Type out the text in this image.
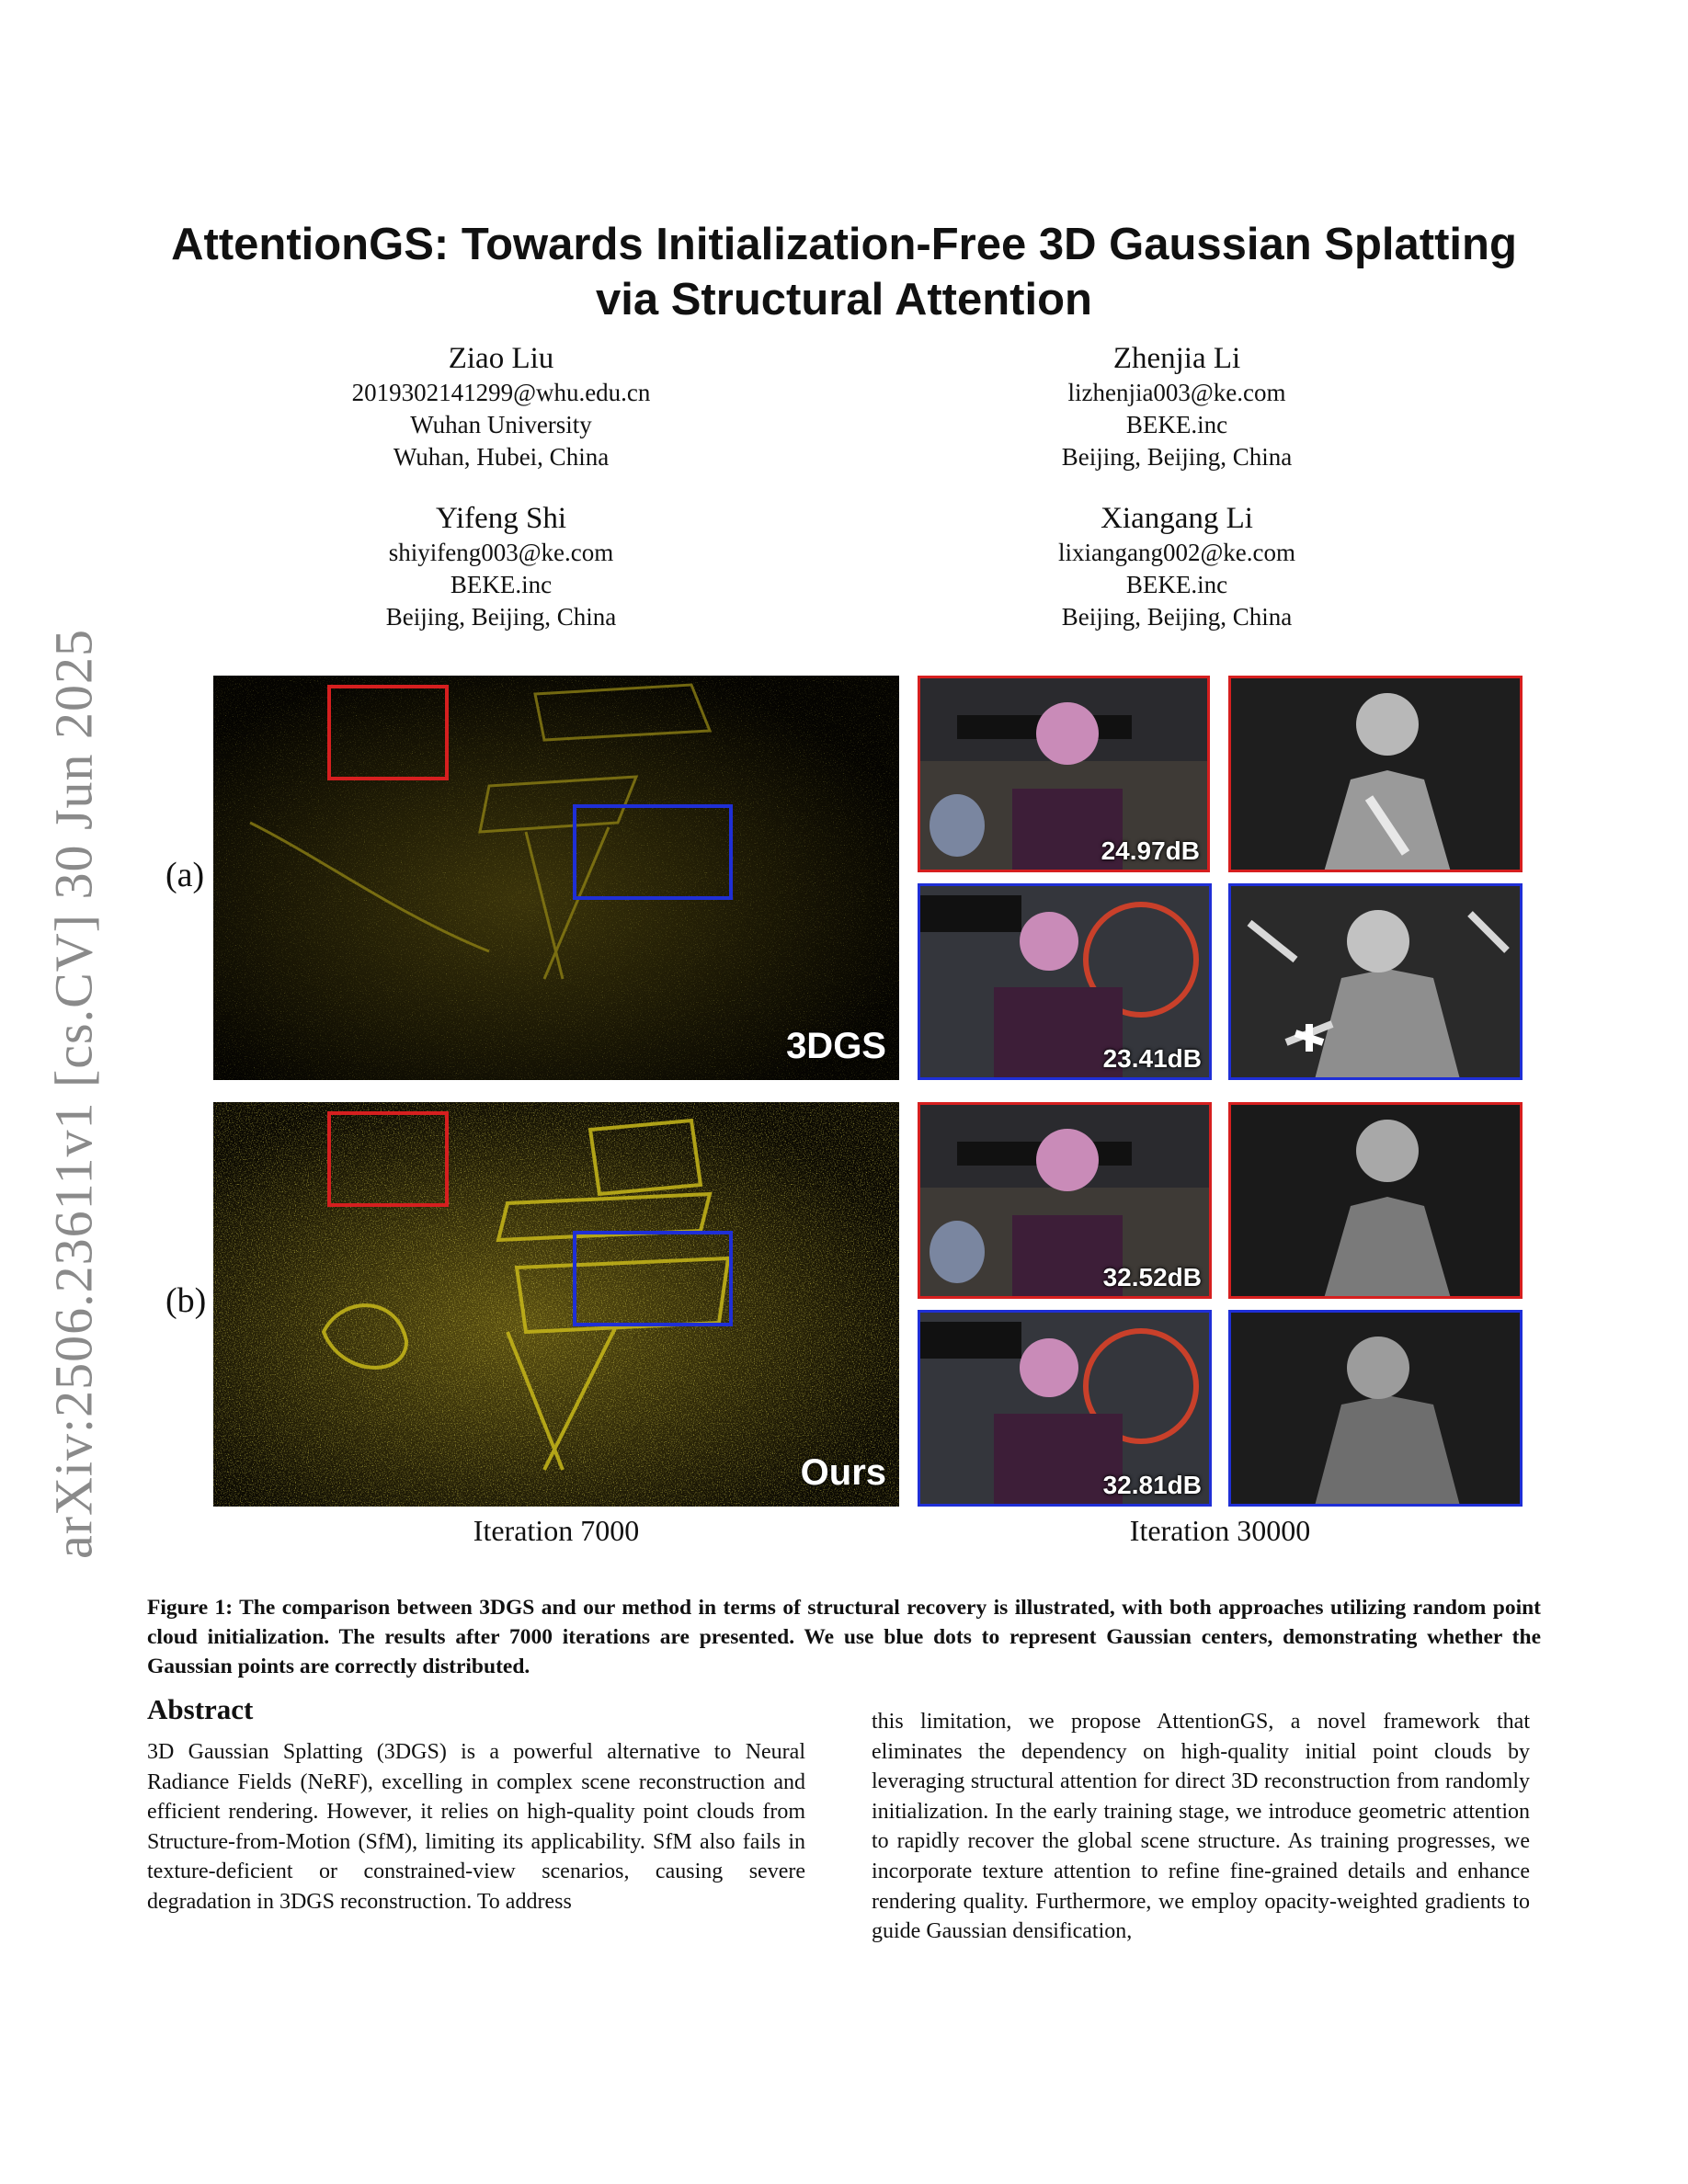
arXiv:2506.23611v1 [cs.CV] 30 Jun 2025
AttentionGS: Towards Initialization-Free 3D Gaussian Splatting
via Structural Attention
Ziao Liu
2019302141299@whu.edu.cn
Wuhan University
Wuhan, Hubei, China
Zhenjia Li
lizhenjia003@ke.com
BEKE.inc
Beijing, Beijing, China
Yifeng Shi
shiyifeng003@ke.com
BEKE.inc
Beijing, Beijing, China
Xiangang Li
lixiangang002@ke.com
BEKE.inc
Beijing, Beijing, China
(a)
(b)
3DGS
Ours
24.97dB
23.41dB
32.52dB
32.81dB
Iteration 7000	Iteration 30000
Figure 1: The comparison between 3DGS and our method in terms of structural recovery is illustrated, with both approaches utilizing random point cloud initialization. The results after 7000 iterations are presented. We use blue dots to represent Gaussian centers, demonstrating whether the Gaussian points are correctly distributed.
Abstract
3D Gaussian Splatting (3DGS) is a powerful alternative to Neural Radiance Fields (NeRF), excelling in complex scene reconstruction and efficient rendering. However, it relies on high-quality point clouds from Structure-from-Motion (SfM), limiting its applicability. SfM also fails in texture-deficient or constrained-view scenarios, causing severe degradation in 3DGS reconstruction. To address
this limitation, we propose AttentionGS, a novel framework that eliminates the dependency on high-quality initial point clouds by leveraging structural attention for direct 3D reconstruction from randomly initialization. In the early training stage, we introduce geometric attention to rapidly recover the global scene structure. As training progresses, we incorporate texture attention to refine fine-grained details and enhance rendering quality. Furthermore, we employ opacity-weighted gradients to guide Gaussian densification,
